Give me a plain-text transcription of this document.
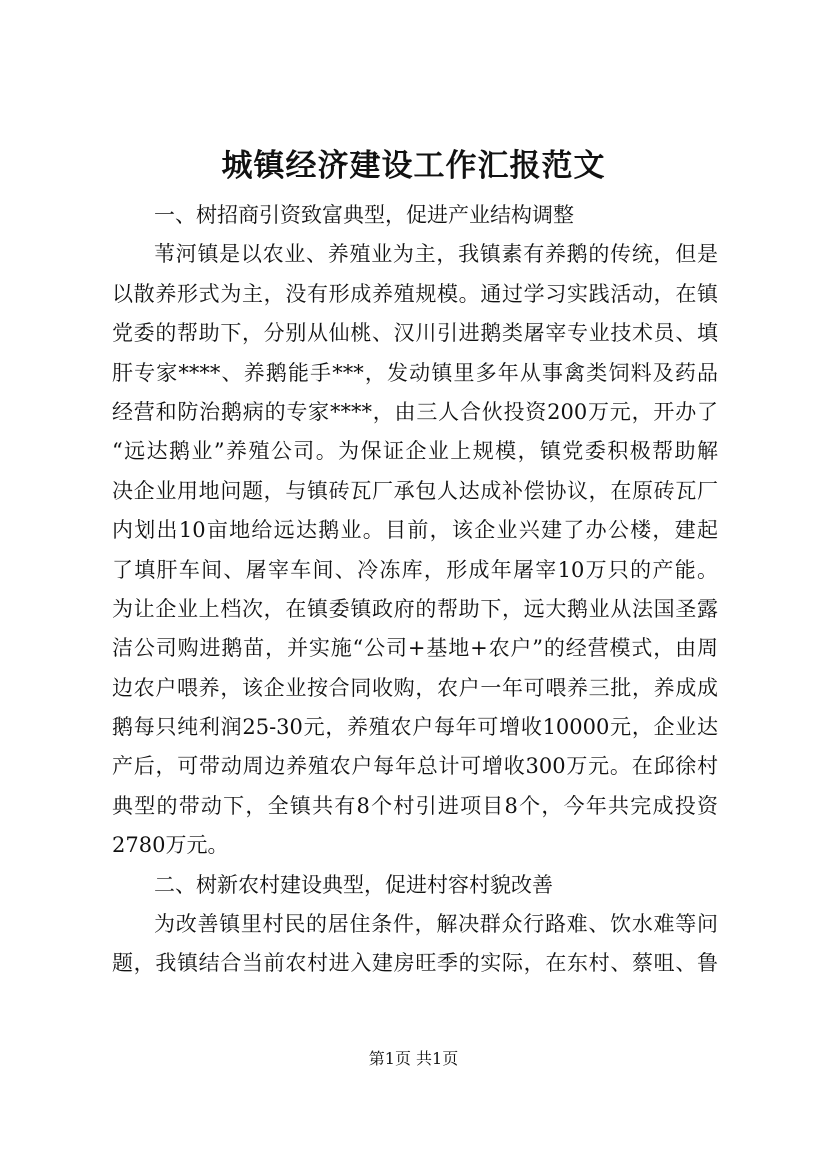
城镇经济建设工作汇报范文
一、树招商引资致富典型，促进产业结构调整
苇河镇是以农业、养殖业为主，我镇素有养鹅的传统，但是
以散养形式为主，没有形成养殖规模。通过学习实践活动，在镇
党委的帮助下，分别从仙桃、汉川引进鹅类屠宰专业技术员、填
肝专家****、养鹅能手***，发动镇里多年从事禽类饲料及药品
经营和防治鹅病的专家****，由三人合伙投资200万元，开办了
“远达鹅业”养殖公司。为保证企业上规模，镇党委积极帮助解
决企业用地问题，与镇砖瓦厂承包人达成补偿协议，在原砖瓦厂
内划出10亩地给远达鹅业。目前，该企业兴建了办公楼，建起
了填肝车间、屠宰车间、冷冻库，形成年屠宰10万只的产能。
为让企业上档次，在镇委镇政府的帮助下，远大鹅业从法国圣露
洁公司购进鹅苗，并实施“公司+基地+农户”的经营模式，由周
边农户喂养，该企业按合同收购，农户一年可喂养三批，养成成
鹅每只纯利润25-30元，养殖农户每年可增收10000元，企业达
产后，可带动周边养殖农户每年总计可增收300万元。在邱徐村
典型的带动下，全镇共有8个村引进项目8个，今年共完成投资
2780万元。
二、树新农村建设典型，促进村容村貌改善
为改善镇里村民的居住条件，解决群众行路难、饮水难等问
题，我镇结合当前农村进入建房旺季的实际，在东村、蔡咀、鲁
第1页 共1页
